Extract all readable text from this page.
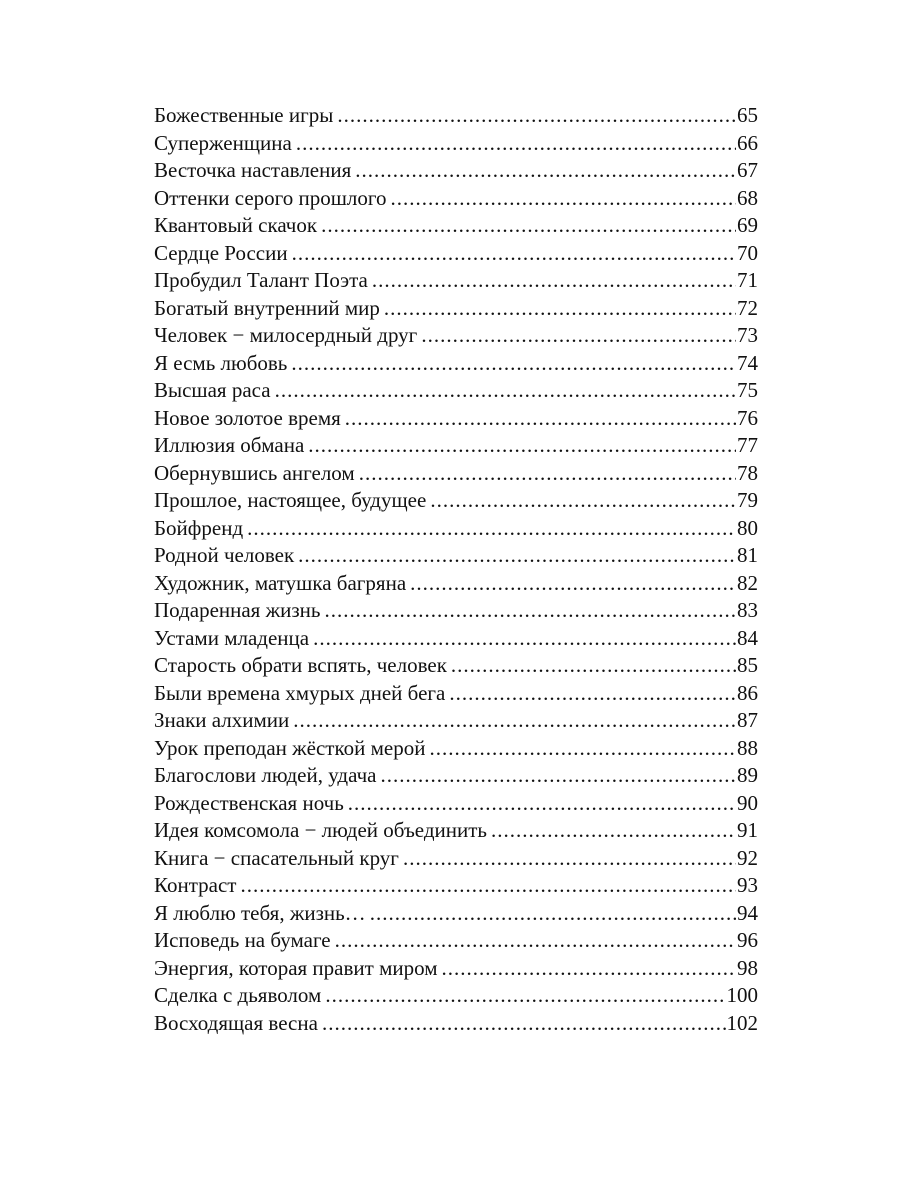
Божественные игры .....	65
Суперженщина .....	66
Весточка наставления .....	67
Оттенки серого прошлого .....	68
Квантовый скачок .....	69
Сердце России .....	70
Пробудил Талант Поэта .....	71
Богатый внутренний мир .....	72
Человек − милосердный друг .....	73
Я есмь любовь .....	74
Высшая раса .....	75
Новое золотое время .....	76
Иллюзия обмана .....	77
Обернувшись ангелом .....	78
Прошлое, настоящее, будущее .....	79
Бойфренд .....	80
Родной человек .....	81
Художник, матушка багряна .....	82
Подаренная жизнь .....	83
Устами младенца .....	84
Старость обрати вспять, человек .....	85
Были времена хмурых дней бега .....	86
Знаки алхимии .....	87
Урок преподан жёсткой мерой .....	88
Благослови людей, удача .....	89
Рождественская ночь .....	90
Идея комсомола − людей объединить .....	91
Книга − спасательный круг .....	92
Контраст .....	93
Я люблю тебя, жизнь… .....	94
Исповедь на бумаге .....	96
Энергия, которая правит миром .....	98
Сделка с дьяволом .....	100
Восходящая весна .....	102
